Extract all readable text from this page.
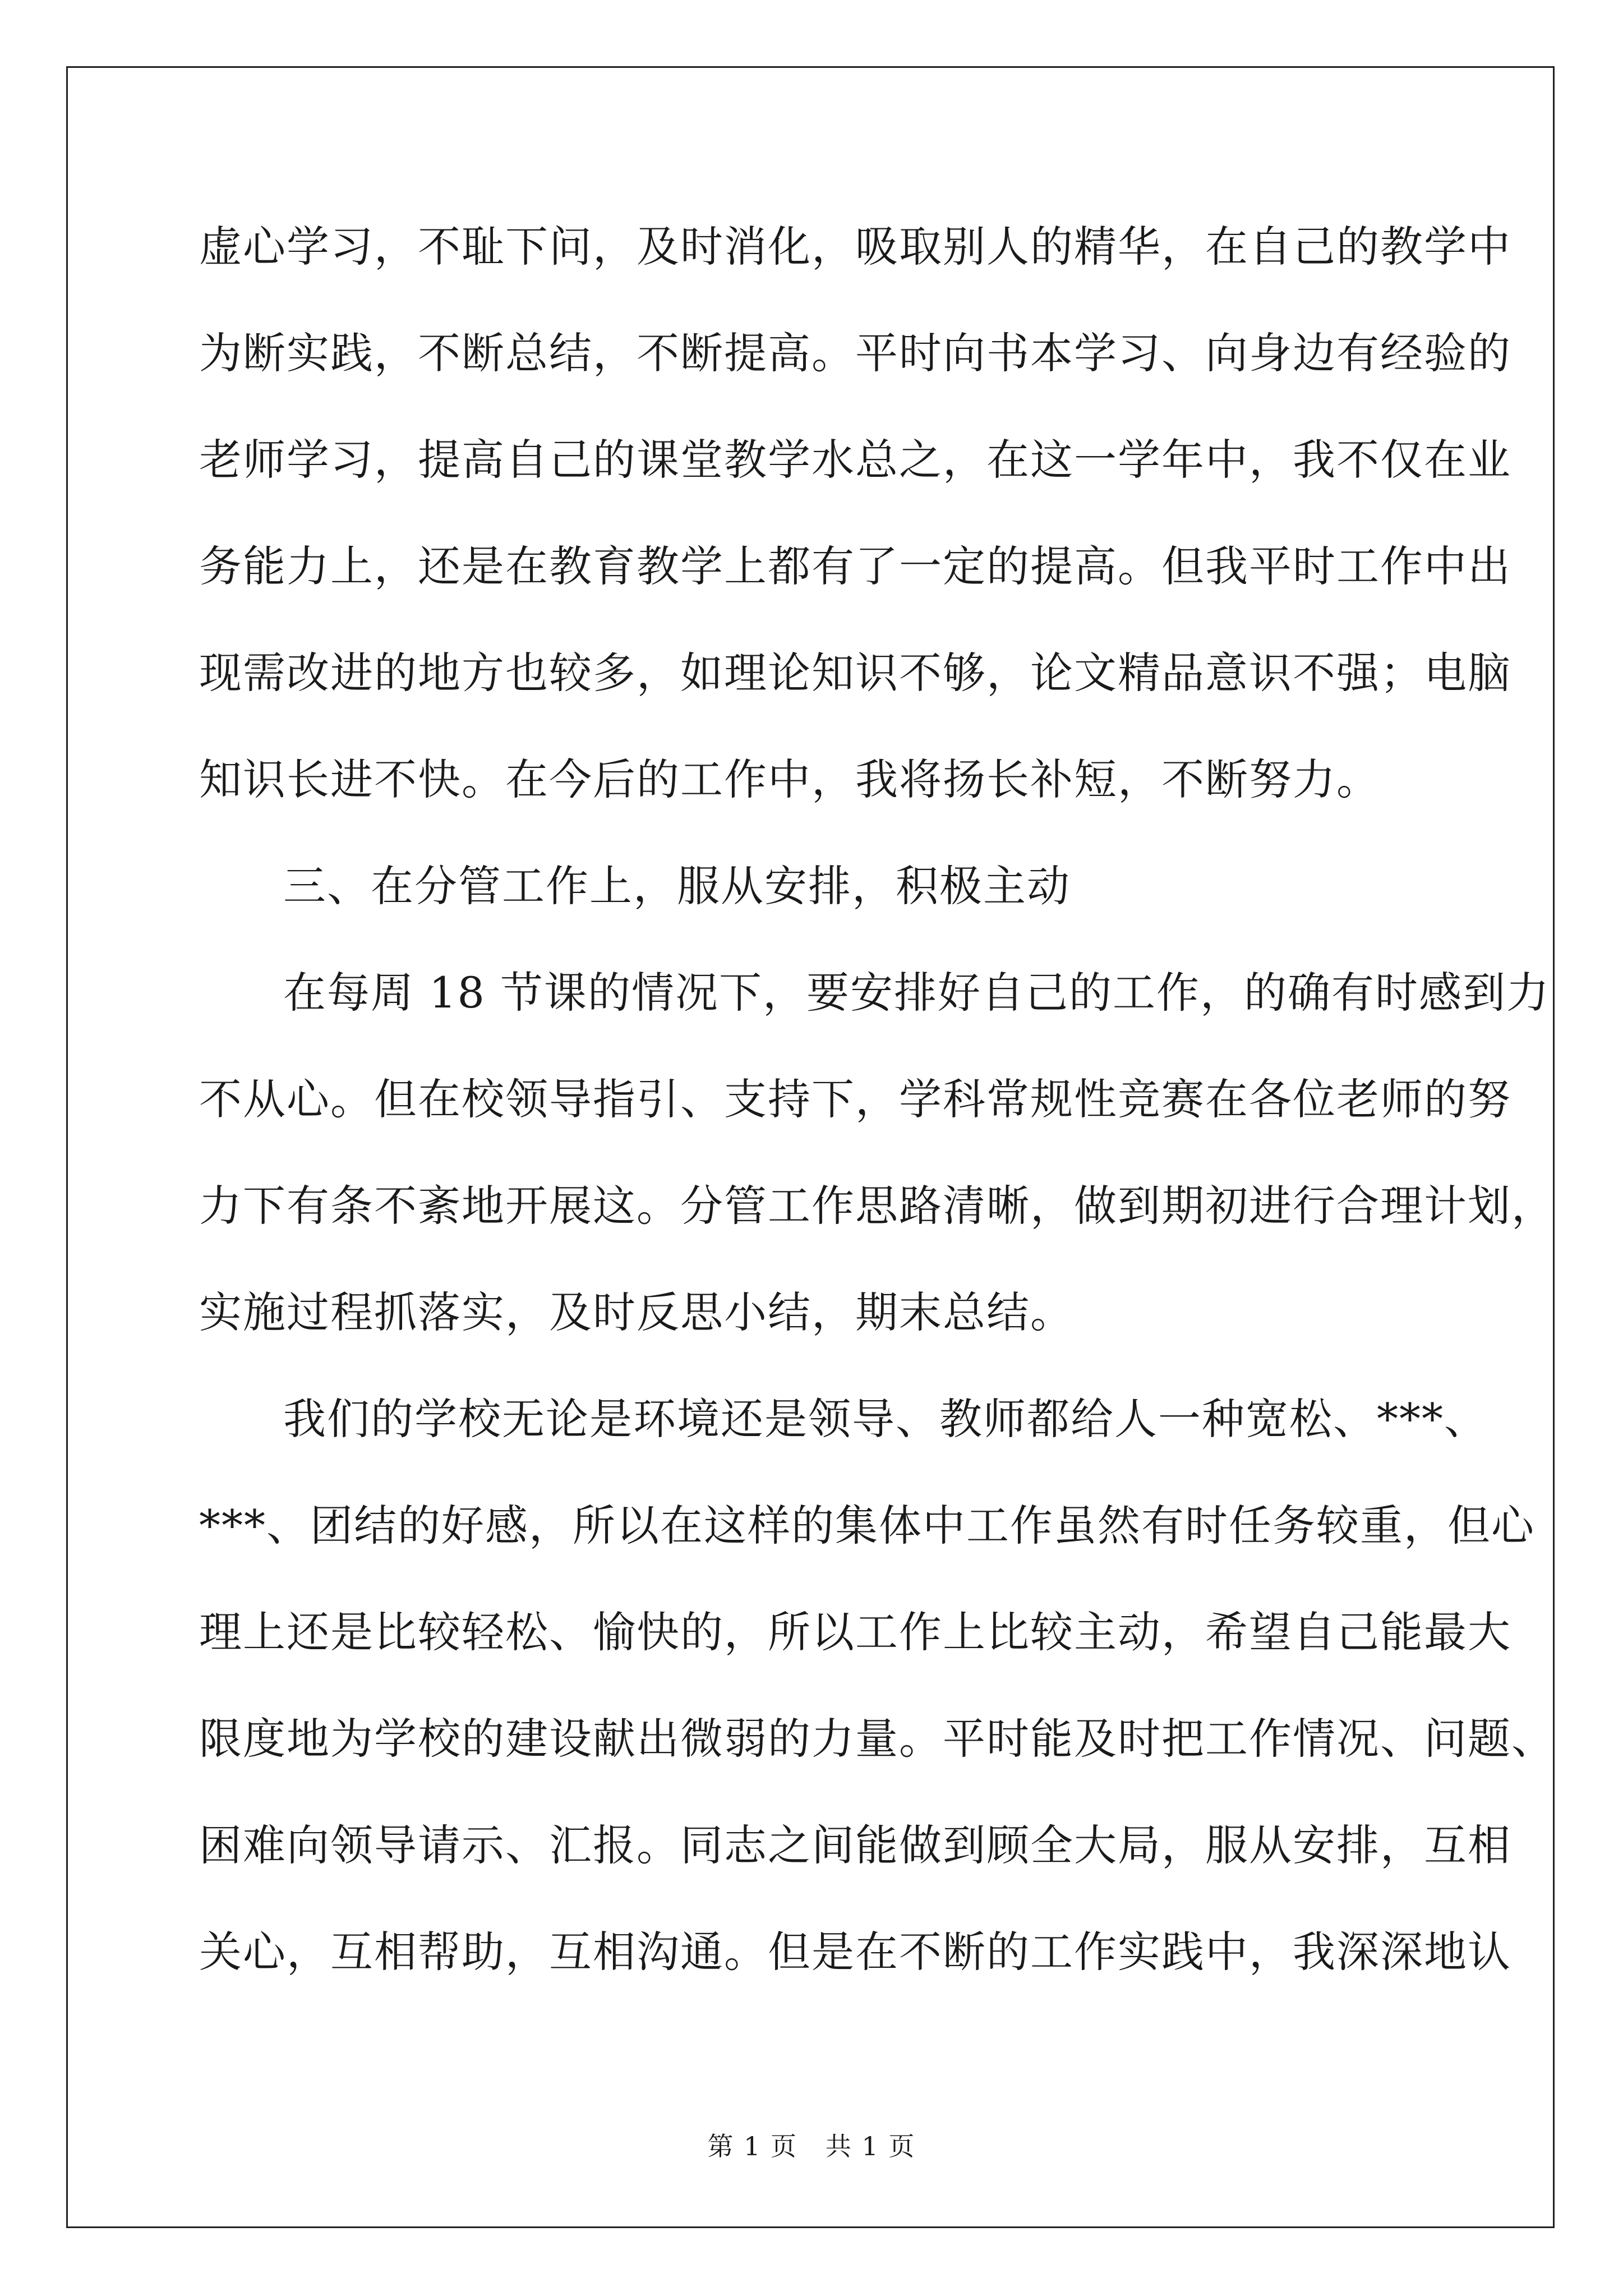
虚心学习，不耻下问，及时消化，吸取别人的精华，在自己的教学中
为断实践，不断总结，不断提高。平时向书本学习、向身边有经验的
老师学习，提高自己的课堂教学水总之，在这一学年中，我不仅在业
务能力上，还是在教育教学上都有了一定的提高。但我平时工作中出
现需改进的地方也较多，如理论知识不够，论文精品意识不强；电脑
知识长进不快。在今后的工作中，我将扬长补短，不断努力。
三、在分管工作上，服从安排，积极主动
在每周 18 节课的情况下，要安排好自己的工作，的确有时感到力
不从心。但在校领导指引、支持下，学科常规性竞赛在各位老师的努
力下有条不紊地开展这。分管工作思路清晰，做到期初进行合理计划，
实施过程抓落实，及时反思小结，期末总结。
我们的学校无论是环境还是领导、教师都给人一种宽松、***、
***、团结的好感，所以在这样的集体中工作虽然有时任务较重，但心
理上还是比较轻松、愉快的，所以工作上比较主动，希望自己能最大
限度地为学校的建设献出微弱的力量。平时能及时把工作情况、问题、
困难向领导请示、汇报。同志之间能做到顾全大局，服从安排，互相
关心，互相帮助，互相沟通。但是在不断的工作实践中，我深深地认
第 1 页   共 1 页
